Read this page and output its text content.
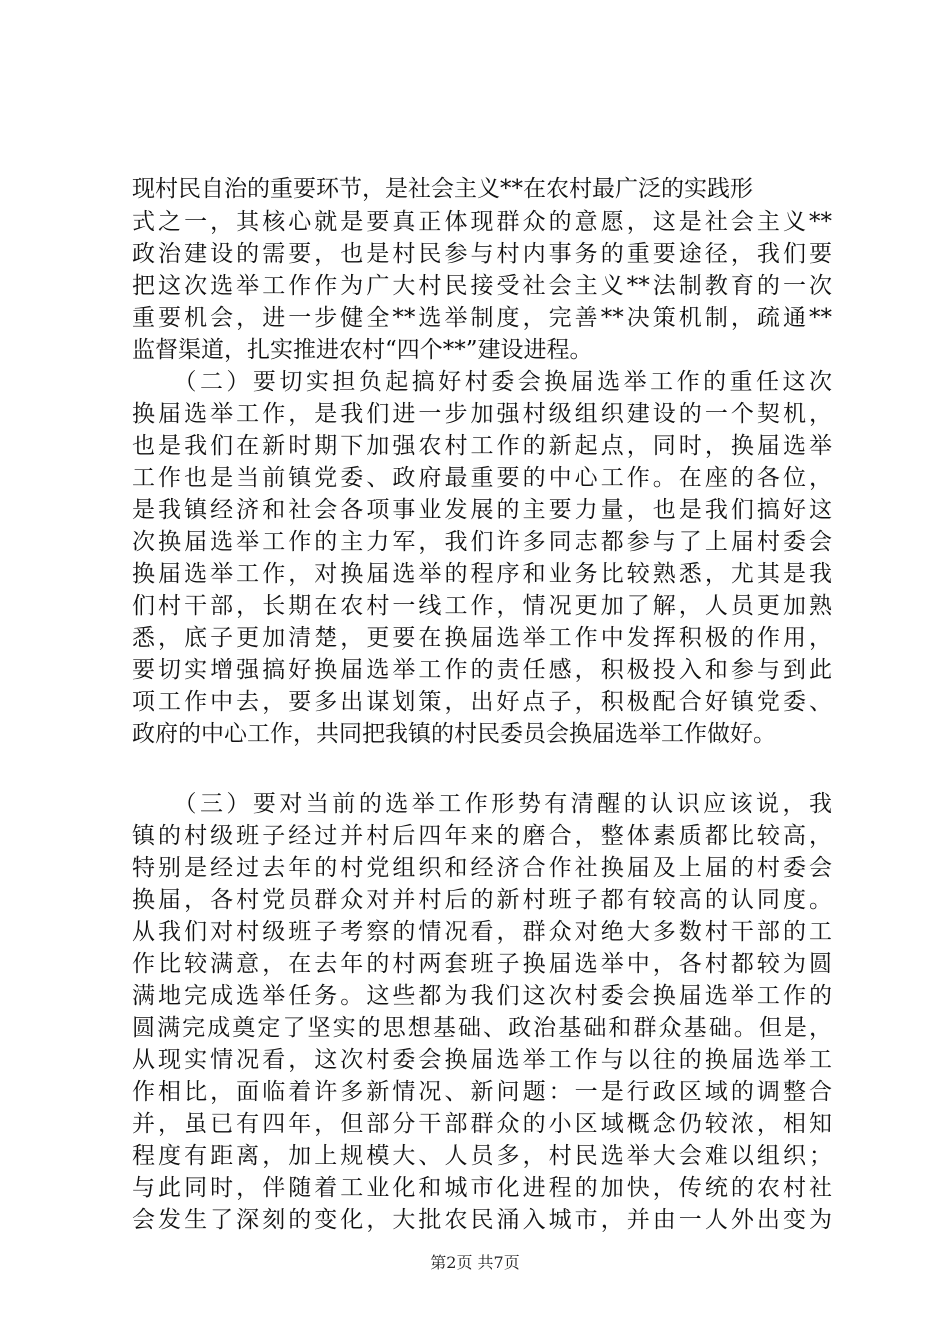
现村民自治的重要环节，是社会主义**在农村最广泛的实践形
式之一，其核心就是要真正体现群众的意愿，这是社会主义**
政治建设的需要，也是村民参与村内事务的重要途径，我们要
把这次选举工作作为广大村民接受社会主义**法制教育的一次
重要机会，进一步健全**选举制度，完善**决策机制，疏通**
监督渠道，扎实推进农村“四个**”建设进程。
　　（二）要切实担负起搞好村委会换届选举工作的重任这次
换届选举工作，是我们进一步加强村级组织建设的一个契机，
也是我们在新时期下加强农村工作的新起点，同时，换届选举
工作也是当前镇党委、政府最重要的中心工作。在座的各位，
是我镇经济和社会各项事业发展的主要力量，也是我们搞好这
次换届选举工作的主力军，我们许多同志都参与了上届村委会
换届选举工作，对换届选举的程序和业务比较熟悉，尤其是我
们村干部，长期在农村一线工作，情况更加了解，人员更加熟
悉，底子更加清楚，更要在换届选举工作中发挥积极的作用，
要切实增强搞好换届选举工作的责任感，积极投入和参与到此
项工作中去，要多出谋划策，出好点子，积极配合好镇党委、
政府的中心工作，共同把我镇的村民委员会换届选举工作做好。
　　（三）要对当前的选举工作形势有清醒的认识应该说，我
镇的村级班子经过并村后四年来的磨合，整体素质都比较高，
特别是经过去年的村党组织和经济合作社换届及上届的村委会
换届，各村党员群众对并村后的新村班子都有较高的认同度。
从我们对村级班子考察的情况看，群众对绝大多数村干部的工
作比较满意，在去年的村两套班子换届选举中，各村都较为圆
满地完成选举任务。这些都为我们这次村委会换届选举工作的
圆满完成奠定了坚实的思想基础、政治基础和群众基础。但是，
从现实情况看，这次村委会换届选举工作与以往的换届选举工
作相比，面临着许多新情况、新问题：一是行政区域的调整合
并，虽已有四年，但部分干部群众的小区域概念仍较浓，相知
程度有距离，加上规模大、人员多，村民选举大会难以组织；
与此同时，伴随着工业化和城市化进程的加快，传统的农村社
会发生了深刻的变化，大批农民涌入城市，并由一人外出变为
第2页 共7页
